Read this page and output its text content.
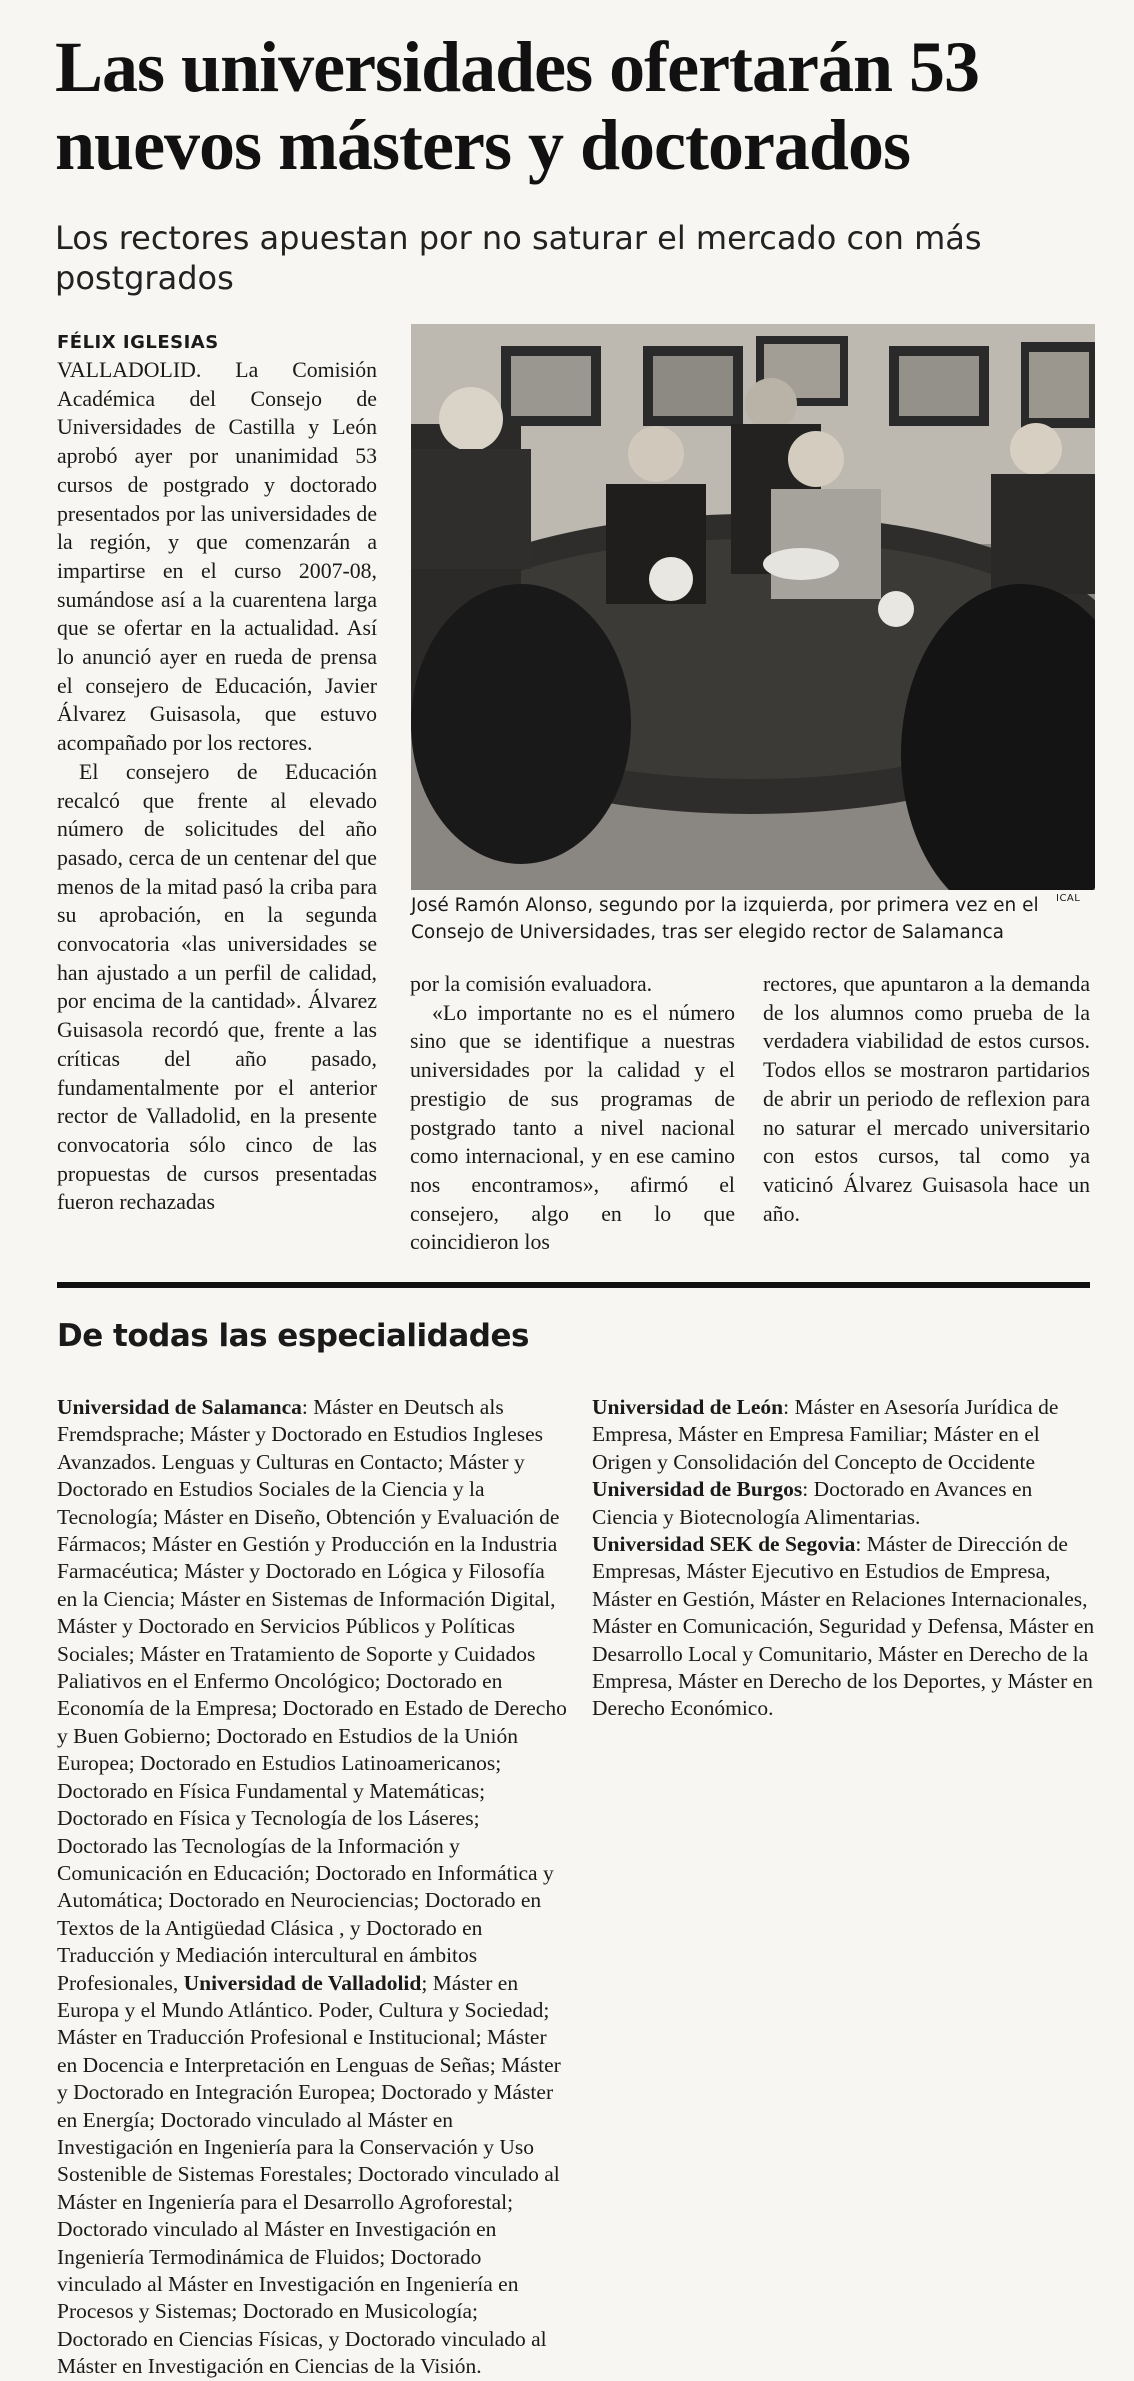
Las universidades ofertarán 53 nuevos másters y doctorados
Los rectores apuestan por no saturar el mercado con más postgrados
FÉLIX IGLESIAS

VALLADOLID. La Comisión Académica del Consejo de Universidades de Castilla y León aprobó ayer por unanimidad 53 cursos de postgrado y doctorado presentados por las universidades de la región, y que comenzarán a impartirse en el curso 2007-08, sumándose así a la cuarentena larga que se ofertar en la actualidad. Así lo anunció ayer en rueda de prensa el consejero de Educación, Javier Álvarez Guisasola, que estuvo acompañado por los rectores.

El consejero de Educación recalcó que frente al elevado número de solicitudes del año pasado, cerca de un centenar del que menos de la mitad pasó la criba para su aprobación, en la segunda convocatoria «las universidades se han ajustado a un perfil de calidad, por encima de la cantidad». Álvarez Guisasola recordó que, frente a las críticas del año pasado, fundamentalmente por el anterior rector de Valladolid, en la presente convocatoria sólo cinco de las propuestas de cursos presentadas fueron rechazadas

José Ramón Alonso, segundo por la izquierda, por primera vez en el Consejo de Universidades, tras ser elegido rector de Salamanca
ICAL

por la comisión evaluadora.

«Lo importante no es el número sino que se identifique a nuestras universidades por la calidad y el prestigio de sus programas de postgrado tanto a nivel nacional como internacional, y en ese camino nos encontramos», afirmó el consejero, algo en lo que coincidieron los

rectores, que apuntaron a la demanda de los alumnos como prueba de la verdadera viabilidad de estos cursos. Todos ellos se mostraron partidarios de abrir un periodo de reflexion para no saturar el mercado universitario con estos cursos, tal como ya vaticinó Álvarez Guisasola hace un año.

De todas las especialidades
Universidad de Salamanca: Máster en Deutsch als Fremdsprache; Máster y Doctorado en Estudios Ingleses Avanzados. Lenguas y Culturas en Contacto; Máster y Doctorado en Estudios Sociales de la Ciencia y la Tecnología; Máster en Diseño, Obtención y Evaluación de Fármacos; Máster en Gestión y Producción en la Industria Farmacéutica; Máster y Doctorado en Lógica y Filosofía en la Ciencia; Máster en Sistemas de Información Digital, Máster y Doctorado en Servicios Públicos y Políticas Sociales; Máster en Tratamiento de Soporte y Cuidados Paliativos en el Enfermo Oncológico; Doctorado en Economía de la Empresa; Doctorado en Estado de Derecho y Buen Gobierno; Doctorado en Estudios de la Unión Europea; Doctorado en Estudios Latinoamericanos; Doctorado en Física Fundamental y Matemáticas; Doctorado en Física y Tecnología de los Láseres; Doctorado las Tecnologías de la Información y Comunicación en Educación; Doctorado en Informática y Automática; Doctorado en Neurociencias; Doctorado en Textos de la Antigüedad Clásica , y Doctorado en Traducción y Mediación intercultural en ámbitos Profesionales, Universidad de Valladolid; Máster en Europa y el Mundo Atlántico. Poder, Cultura y Sociedad; Máster en Traducción Profesional e Institucional; Máster en Docencia e Interpretación en Lenguas de Señas; Máster y Doctorado en Integración Europea; Doctorado y Máster en Energía; Doctorado vinculado al Máster en Investigación en Ingeniería para la Conservación y Uso Sostenible de Sistemas Forestales; Doctorado vinculado al Máster en Ingeniería para el Desarrollo Agroforestal; Doctorado vinculado al Máster en Investigación en Ingeniería Termodinámica de Fluidos; Doctorado vinculado al Máster en Investigación en Ingeniería en Procesos y Sistemas; Doctorado en Musicología; Doctorado en Ciencias Físicas, y Doctorado vinculado al Máster en Investigación en Ciencias de la Visión.
Universidad de León: Máster en Asesoría Jurídica de Empresa, Máster en Empresa Familiar; Máster en el Origen y Consolidación del Concepto de Occidente
Universidad de Burgos: Doctorado en Avances en Ciencia y Biotecnología Alimentarias.
Universidad SEK de Segovia: Máster de Dirección de Empresas, Máster Ejecutivo en Estudios de Empresa, Máster en Gestión, Máster en Relaciones Internacionales, Máster en Comunicación, Seguridad y Defensa, Máster en Desarrollo Local y Comunitario, Máster en Derecho de la Empresa, Máster en Derecho de los Deportes, y Máster en Derecho Económico.
